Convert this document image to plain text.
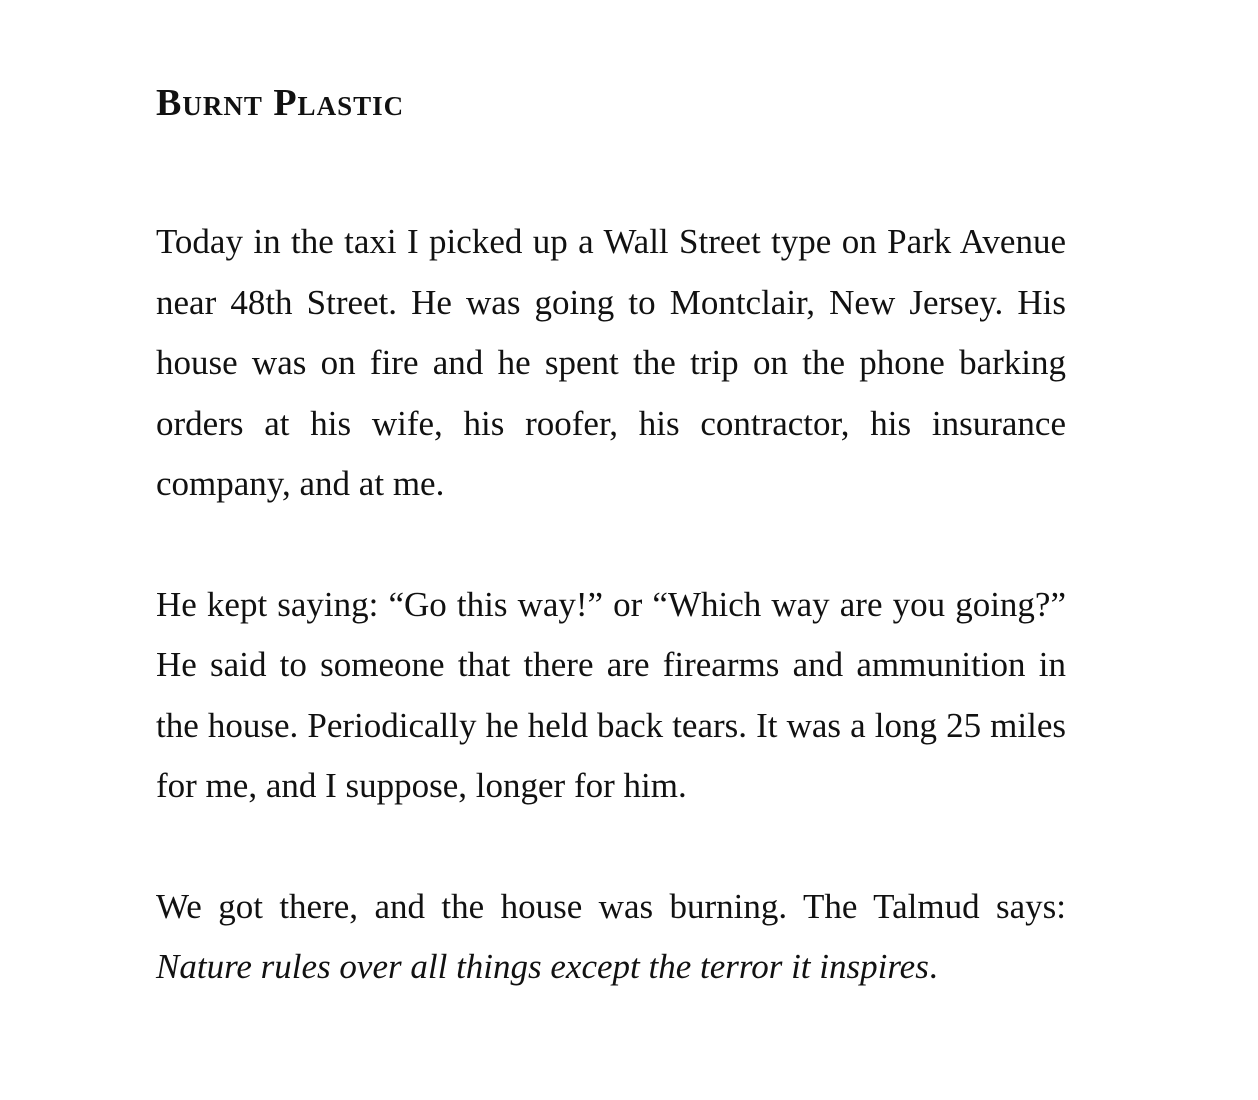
Burnt Plastic

Today in the taxi I picked up a Wall Street type on Park Avenue near 48th Street. He was going to Montclair, New Jersey. His house was on fire and he spent the trip on the phone barking orders at his wife, his roofer, his contractor, his insurance company, and at me.

He kept saying: “Go this way!” or “Which way are you going?” He said to someone that there are firearms and ammunition in the house. Periodically he held back tears. It was a long 25 miles for me, and I suppose, longer for him.

We got there, and the house was burning. The Talmud says: Nature rules over all things except the terror it inspires.
